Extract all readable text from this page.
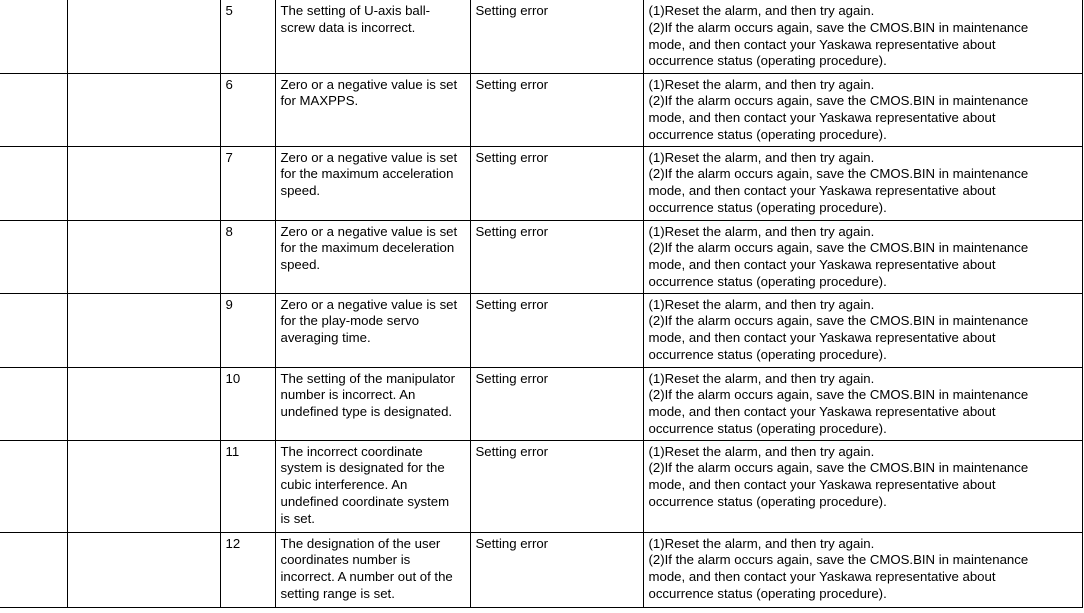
		5	The setting of U-axis ball-
screw data is incorrect.	Setting error	(1)Reset the alarm, and then try again.
(2)If the alarm occurs again, save the CMOS.BIN in maintenance
mode, and then contact your Yaskawa representative about
occurrence status (operating procedure).

		6	Zero or a negative value is set
for MAXPPS.	Setting error	(1)Reset the alarm, and then try again.
(2)If the alarm occurs again, save the CMOS.BIN in maintenance
mode, and then contact your Yaskawa representative about
occurrence status (operating procedure).

		7	Zero or a negative value is set
for the maximum acceleration
speed.	Setting error	(1)Reset the alarm, and then try again.
(2)If the alarm occurs again, save the CMOS.BIN in maintenance
mode, and then contact your Yaskawa representative about
occurrence status (operating procedure).

		8	Zero or a negative value is set
for the maximum deceleration
speed.	Setting error	(1)Reset the alarm, and then try again.
(2)If the alarm occurs again, save the CMOS.BIN in maintenance
mode, and then contact your Yaskawa representative about
occurrence status (operating procedure).

		9	Zero or a negative value is set
for the play-mode servo
averaging time.	Setting error	(1)Reset the alarm, and then try again.
(2)If the alarm occurs again, save the CMOS.BIN in maintenance
mode, and then contact your Yaskawa representative about
occurrence status (operating procedure).

		10	The setting of the manipulator
number is incorrect. An
undefined type is designated.	Setting error	(1)Reset the alarm, and then try again.
(2)If the alarm occurs again, save the CMOS.BIN in maintenance
mode, and then contact your Yaskawa representative about
occurrence status (operating procedure).

		11	The incorrect coordinate
system is designated for the
cubic interference. An
undefined coordinate system
is set.	Setting error	(1)Reset the alarm, and then try again.
(2)If the alarm occurs again, save the CMOS.BIN in maintenance
mode, and then contact your Yaskawa representative about
occurrence status (operating procedure).

		12	The designation of the user
coordinates number is
incorrect. A number out of the
setting range is set.	Setting error	(1)Reset the alarm, and then try again.
(2)If the alarm occurs again, save the CMOS.BIN in maintenance
mode, and then contact your Yaskawa representative about
occurrence status (operating procedure).
